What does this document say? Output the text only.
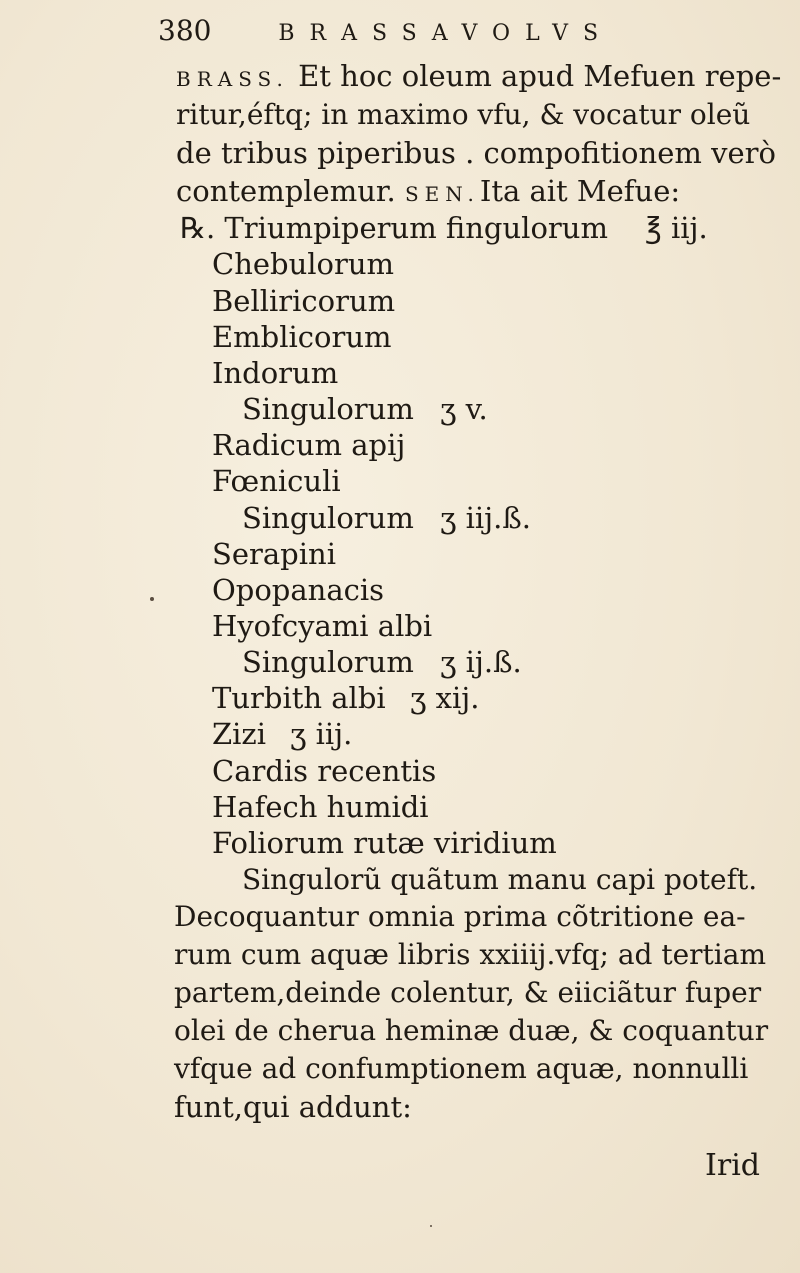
380	BRASSAVOLVS
BRASS. Et hoc oleum apud Mefuen repe-
ritur,éftq; in maximo vfu, & vocatur oleũ
de tribus piperibus . compofitionem verò
contemplemur. SEN.Ita ait Mefue:
℞. Triumpiperum fingulorum ℥ iij.
Chebulorum
Belliricorum
Emblicorum
Indorum
Singulorum ʒ v.
Radicum apij
Fœniculi
Singulorum ʒ iij.ß.
Serapini
Opopanacis
Hyofcyami albi
Singulorum ʒ ij.ß.
Turbith albi ʒ xij.
Zizi ʒ iij.
Cardis recentis
Hafech humidi
Foliorum rutæ viridium
Singulorũ quãtum manu capi poteft.
Decoquantur omnia prima cõtritione ea-
rum cum aquæ libris xxiiij.vfq; ad tertiam
partem,deinde colentur, & eiiciãtur fuper
olei de cherua heminæ duæ, & coquantur
vfque ad confumptionem aquæ, nonnulli
funt,qui addunt:
Irid
